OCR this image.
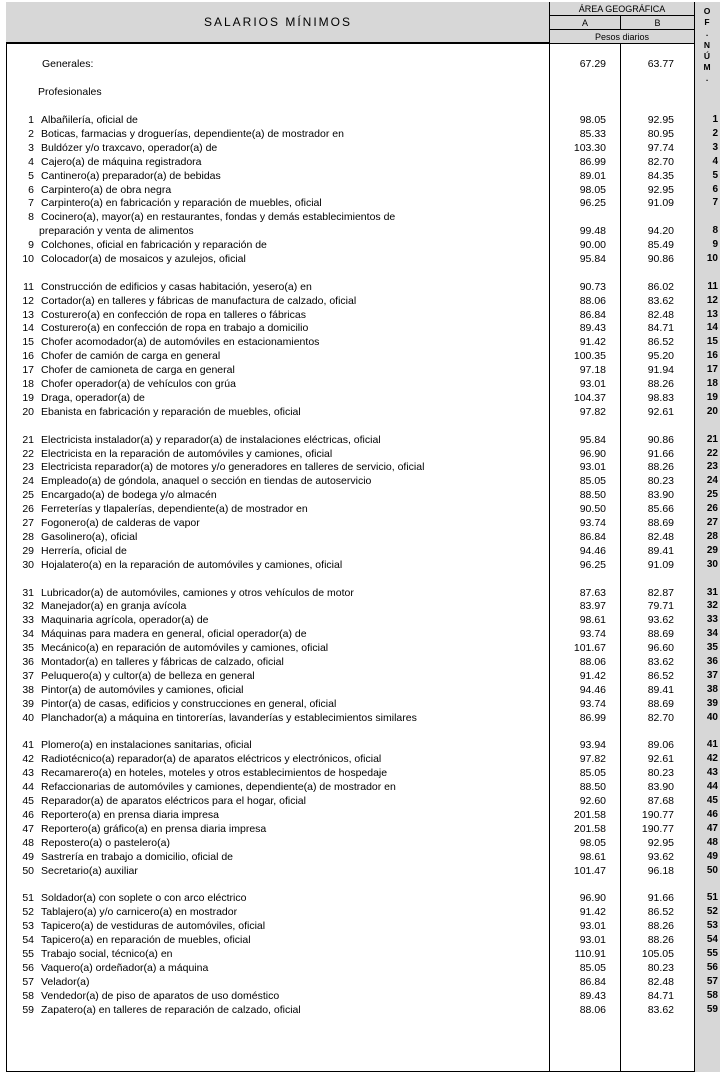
SALARIOS MÍNIMOS
ÁREA GEOGRÁFICA
A	B
Pesos diarios
O
F
.
N
Ú
M
.
Generales:	67.29	63.77
Profesionales
1 Albañilería, oficial de	98.05	92.95	1
2 Boticas, farmacias y droguerías, dependiente(a) de mostrador en	85.33	80.95	2
3 Buldózer y/o traxcavo, operador(a) de	103.30	97.74	3
4 Cajero(a) de máquina registradora	86.99	82.70	4
5 Cantinero(a) preparador(a) de bebidas	89.01	84.35	5
6 Carpintero(a) de obra negra	98.05	92.95	6
7 Carpintero(a) en fabricación y reparación de muebles, oficial	96.25	91.09	7
8 Cocinero(a), mayor(a) en restaurantes, fondas y demás establecimientos de
preparación y venta de alimentos	99.48	94.20	8
9 Colchones, oficial en fabricación y reparación de	90.00	85.49	9
10 Colocador(a) de mosaicos y azulejos, oficial	95.84	90.86	10
11 Construcción de edificios y casas habitación, yesero(a) en	90.73	86.02	11
12 Cortador(a) en talleres y fábricas de manufactura de calzado, oficial	88.06	83.62	12
13 Costurero(a) en confección de ropa en talleres o fábricas	86.84	82.48	13
14 Costurero(a) en confección de ropa en trabajo a domicilio	89.43	84.71	14
15 Chofer acomodador(a) de automóviles en estacionamientos	91.42	86.52	15
16 Chofer de camión de carga en general	100.35	95.20	16
17 Chofer de camioneta de carga en general	97.18	91.94	17
18 Chofer operador(a) de vehículos con grúa	93.01	88.26	18
19 Draga, operador(a) de	104.37	98.83	19
20 Ebanista en fabricación y reparación de muebles, oficial	97.82	92.61	20
21 Electricista instalador(a) y reparador(a) de instalaciones eléctricas, oficial	95.84	90.86	21
22 Electricista en la reparación de automóviles y camiones, oficial	96.90	91.66	22
23 Electricista reparador(a) de motores y/o generadores en talleres de servicio, oficial	93.01	88.26	23
24 Empleado(a) de góndola, anaquel o sección en tiendas de autoservicio	85.05	80.23	24
25 Encargado(a) de bodega y/o almacén	88.50	83.90	25
26 Ferreterías y tlapalerías, dependiente(a) de mostrador en	90.50	85.66	26
27 Fogonero(a) de calderas de vapor	93.74	88.69	27
28 Gasolinero(a), oficial	86.84	82.48	28
29 Herrería, oficial de	94.46	89.41	29
30 Hojalatero(a) en la reparación de automóviles y camiones, oficial	96.25	91.09	30
31 Lubricador(a) de automóviles, camiones y otros vehículos de motor	87.63	82.87	31
32 Manejador(a) en granja avícola	83.97	79.71	32
33 Maquinaria agrícola, operador(a) de	98.61	93.62	33
34 Máquinas para madera en general, oficial operador(a) de	93.74	88.69	34
35 Mecánico(a) en reparación de automóviles y camiones, oficial	101.67	96.60	35
36 Montador(a) en talleres y fábricas de calzado, oficial	88.06	83.62	36
37 Peluquero(a) y cultor(a) de belleza en general	91.42	86.52	37
38 Pintor(a) de automóviles y camiones, oficial	94.46	89.41	38
39 Pintor(a) de casas, edificios y construcciones en general, oficial	93.74	88.69	39
40 Planchador(a) a máquina en tintorerías, lavanderías y establecimientos similares	86.99	82.70	40
41 Plomero(a) en instalaciones sanitarias, oficial	93.94	89.06	41
42 Radiotécnico(a) reparador(a) de aparatos eléctricos y electrónicos, oficial	97.82	92.61	42
43 Recamarero(a) en hoteles, moteles y otros establecimientos de hospedaje	85.05	80.23	43
44 Refaccionarias de automóviles y camiones, dependiente(a) de mostrador en	88.50	83.90	44
45 Reparador(a) de aparatos eléctricos para el hogar, oficial	92.60	87.68	45
46 Reportero(a) en prensa diaria impresa	201.58	190.77	46
47 Reportero(a) gráfico(a) en prensa diaria impresa	201.58	190.77	47
48 Repostero(a) o pastelero(a)	98.05	92.95	48
49 Sastrería en trabajo a domicilio, oficial de	98.61	93.62	49
50 Secretario(a) auxiliar	101.47	96.18	50
51 Soldador(a) con soplete o con arco eléctrico	96.90	91.66	51
52 Tablajero(a) y/o carnicero(a) en mostrador	91.42	86.52	52
53 Tapicero(a) de vestiduras de automóviles, oficial	93.01	88.26	53
54 Tapicero(a) en reparación de muebles, oficial	93.01	88.26	54
55 Trabajo social, técnico(a) en	110.91	105.05	55
56 Vaquero(a) ordeñador(a) a máquina	85.05	80.23	56
57 Velador(a)	86.84	82.48	57
58 Vendedor(a) de piso de aparatos de uso doméstico	89.43	84.71	58
59 Zapatero(a) en talleres de reparación de calzado, oficial	88.06	83.62	59
